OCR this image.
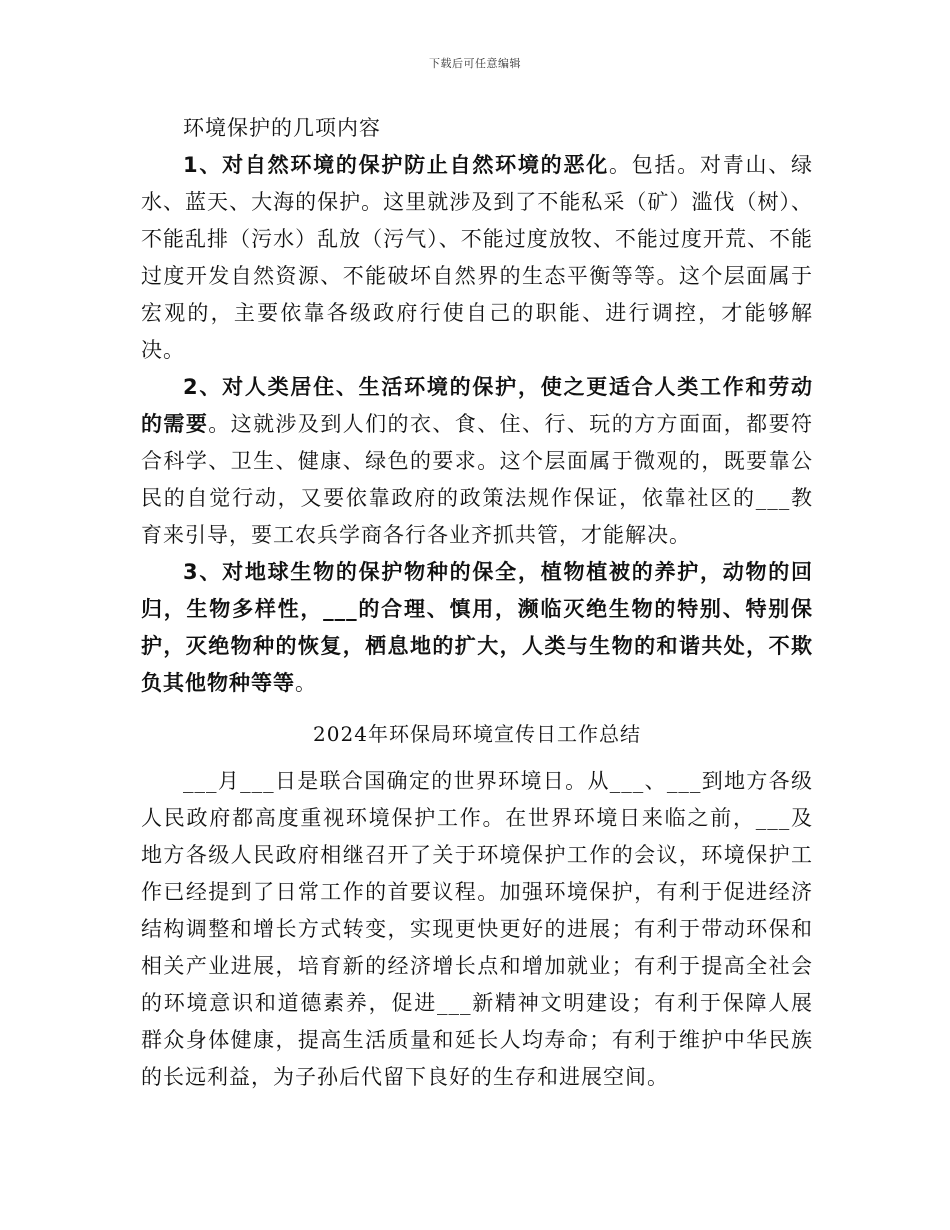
下载后可任意编辑

环境保护的几项内容

1、对自然环境的保护防止自然环境的恶化。包括。对青山、绿水、蓝天、大海的保护。这里就涉及到了不能私采（矿）滥伐（树）、不能乱排（污水）乱放（污气）、不能过度放牧、不能过度开荒、不能过度开发自然资源、不能破坏自然界的生态平衡等等。这个层面属于宏观的，主要依靠各级政府行使自己的职能、进行调控，才能够解决。

2、对人类居住、生活环境的保护，使之更适合人类工作和劳动的需要。这就涉及到人们的衣、食、住、行、玩的方方面面，都要符合科学、卫生、健康、绿色的要求。这个层面属于微观的，既要靠公民的自觉行动，又要依靠政府的政策法规作保证，依靠社区的___教育来引导，要工农兵学商各行各业齐抓共管，才能解决。

3、对地球生物的保护物种的保全，植物植被的养护，动物的回归，生物多样性，___的合理、慎用，濒临灭绝生物的特别、特别保护，灭绝物种的恢复，栖息地的扩大，人类与生物的和谐共处，不欺负其他物种等等。

2024年环保局环境宣传日工作总结

___月___日是联合国确定的世界环境日。从___、___到地方各级人民政府都高度重视环境保护工作。在世界环境日来临之前，___及地方各级人民政府相继召开了关于环境保护工作的会议，环境保护工作已经提到了日常工作的首要议程。加强环境保护，有利于促进经济结构调整和增长方式转变，实现更快更好的进展；有利于带动环保和相关产业进展，培育新的经济增长点和增加就业；有利于提高全社会的环境意识和道德素养，促进___新精神文明建设；有利于保障人展群众身体健康，提高生活质量和延长人均寿命；有利于维护中华民族的长远利益，为子孙后代留下良好的生存和进展空间。
